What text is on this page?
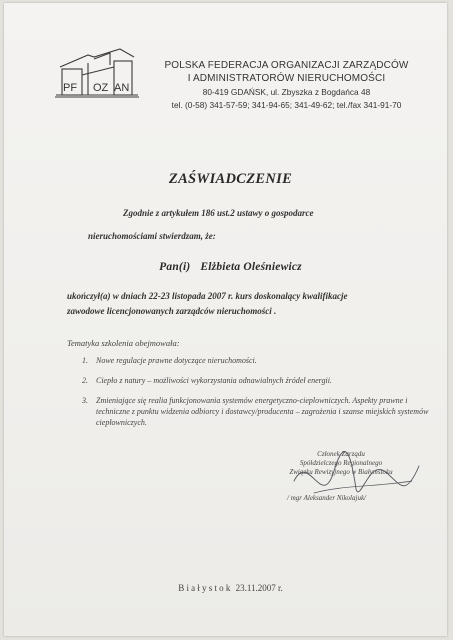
PF OZ AN
POLSKA FEDERACJA ORGANIZACJI ZARZĄDCÓW
I ADMINISTRATORÓW NIERUCHOMOŚCI
80-419 GDAŃSK, ul. Zbyszka z Bogdańca 48
tel. (0-58) 341-57-59; 341-94-65; 341-49-62; tel./fax 341-91-70
ZAŚWIADCZENIE
Zgodnie z artykułem 186 ust.2 ustawy o gospodarce
nieruchomościami stwierdzam, że:
Pan(i) Elżbieta Oleśniewicz
ukończył(a) w dniach 22-23 listopada 2007 r. kurs doskonalący kwalifikacje
zawodowe licencjonowanych zarządców nieruchomości .
Tematyka szkolenia obejmowała:
1. Nowe regulacje prawne dotyczące nieruchomości.
2. Ciepło z natury – możliwości wykorzystania odnawialnych źródeł energii.
3. Zmieniające się realia funkcjonowania systemów energetyczno-cieplowniczych. Aspekty prawne i techniczne z punktu widzenia odbiorcy i dostawcy/producenta – zagrożenia i szanse miejskich systemów ciepłowniczych.
Członek Zarządu
Spółdzielczego Regionalnego
Związku Rewizyjnego w Białymstoku
/ mgr Aleksander Nikolajuk/
Białystok 23.11.2007 r.
